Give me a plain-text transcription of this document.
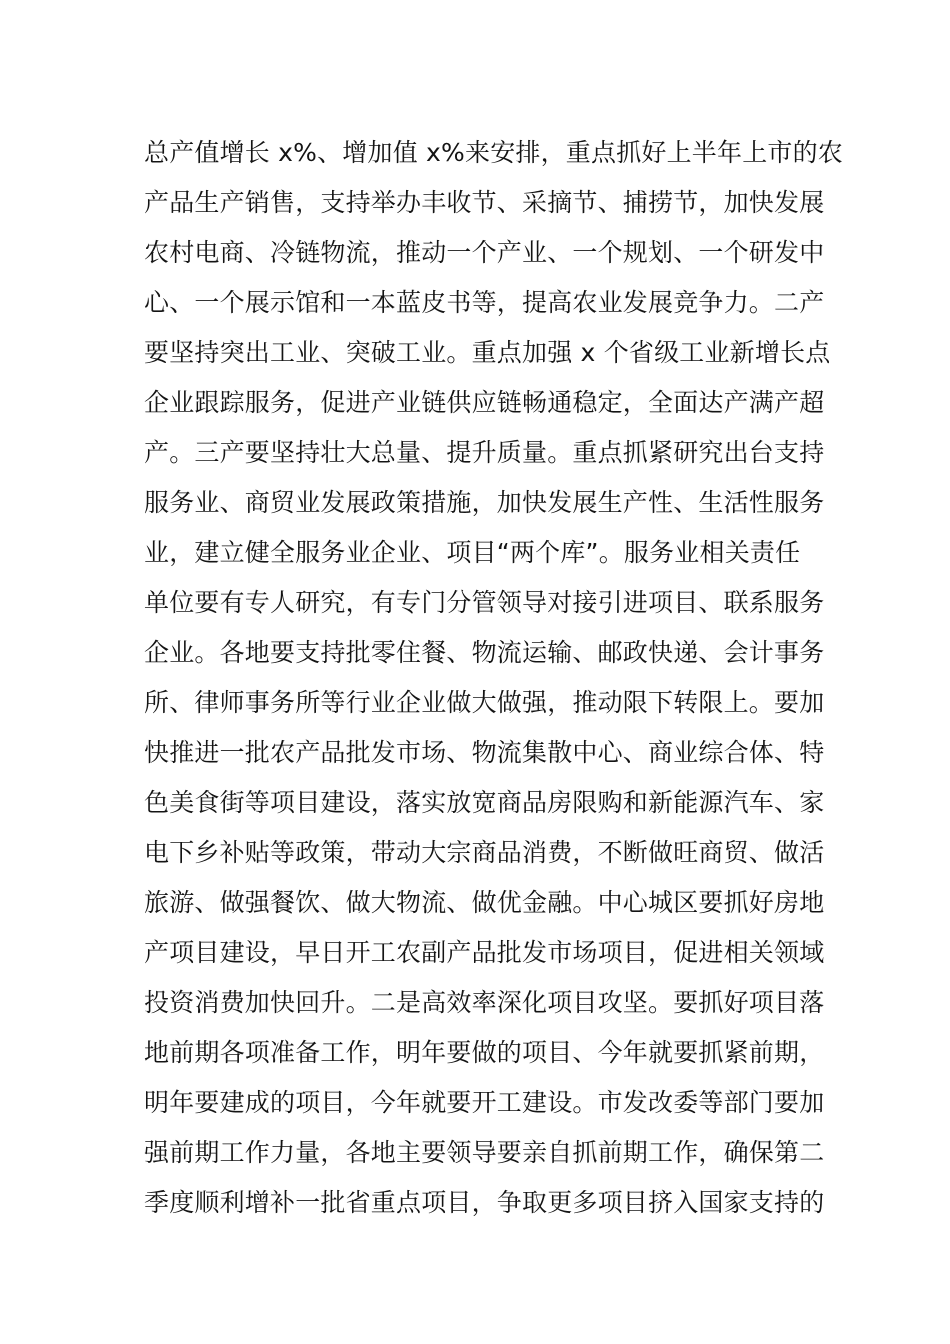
总产值增长 x%、增加值 x%来安排，重点抓好上半年上市的农
产品生产销售，支持举办丰收节、采摘节、捕捞节，加快发展
农村电商、冷链物流，推动一个产业、一个规划、一个研发中
心、一个展示馆和一本蓝皮书等，提高农业发展竞争力。二产
要坚持突出工业、突破工业。重点加强 x 个省级工业新增长点
企业跟踪服务，促进产业链供应链畅通稳定，全面达产满产超
产。三产要坚持壮大总量、提升质量。重点抓紧研究出台支持
服务业、商贸业发展政策措施，加快发展生产性、生活性服务
业，建立健全服务业企业、项目“两个库”。服务业相关责任
单位要有专人研究，有专门分管领导对接引进项目、联系服务
企业。各地要支持批零住餐、物流运输、邮政快递、会计事务
所、律师事务所等行业企业做大做强，推动限下转限上。要加
快推进一批农产品批发市场、物流集散中心、商业综合体、特
色美食街等项目建设，落实放宽商品房限购和新能源汽车、家
电下乡补贴等政策，带动大宗商品消费，不断做旺商贸、做活
旅游、做强餐饮、做大物流、做优金融。中心城区要抓好房地
产项目建设，早日开工农副产品批发市场项目，促进相关领域
投资消费加快回升。二是高效率深化项目攻坚。要抓好项目落
地前期各项准备工作，明年要做的项目、今年就要抓紧前期，
明年要建成的项目，今年就要开工建设。市发改委等部门要加
强前期工作力量，各地主要领导要亲自抓前期工作，确保第二
季度顺利增补一批省重点项目，争取更多项目挤入国家支持的
